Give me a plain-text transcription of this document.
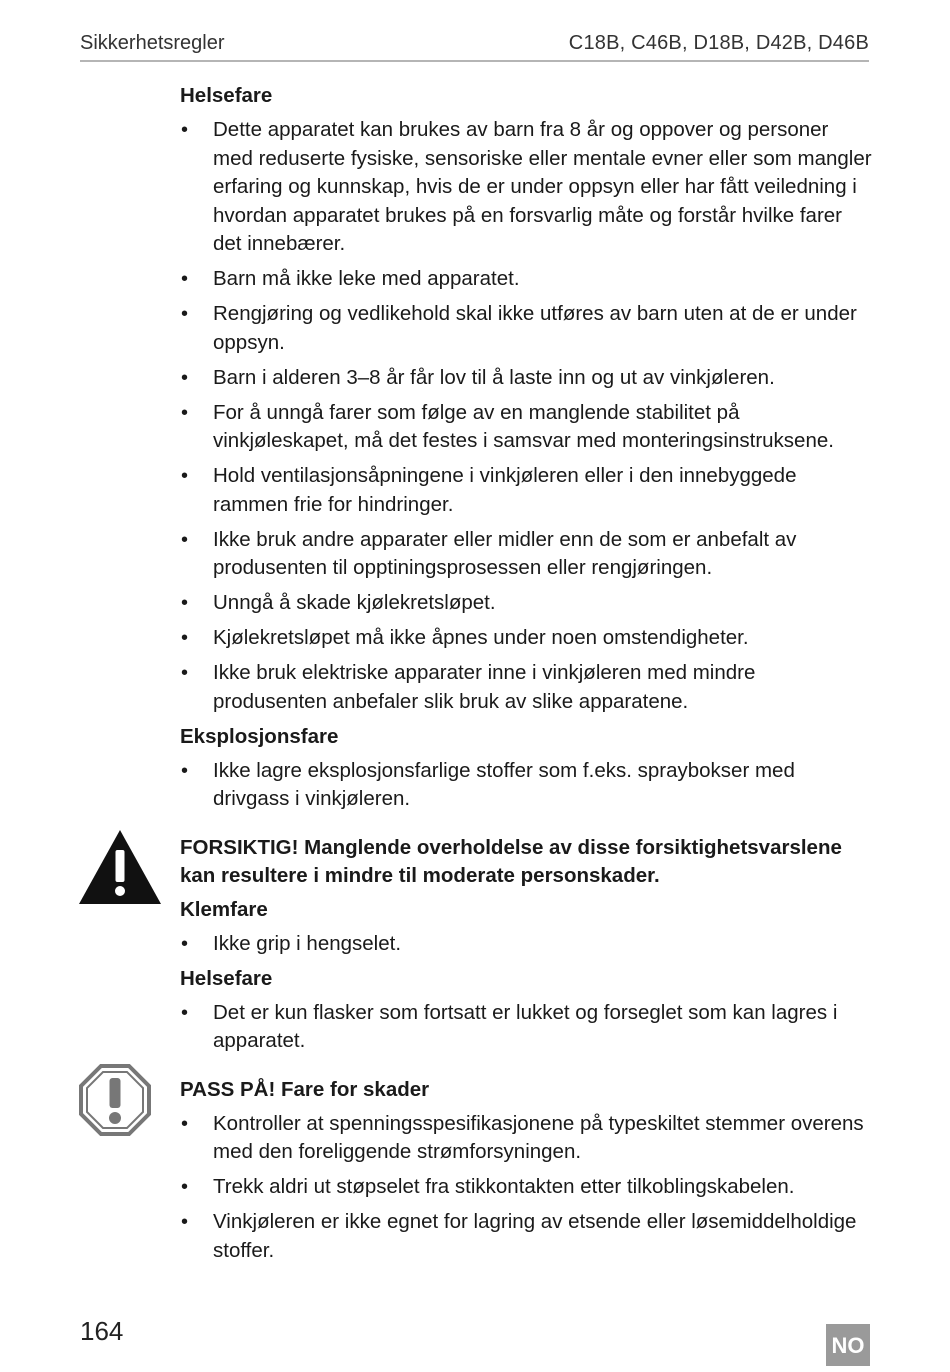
Sikkerhetsregler	C18B, C46B, D18B, D42B, D46B
Helsefare
• Dette apparatet kan brukes av barn fra 8 år og oppover og personer med reduserte fysiske, sensoriske eller mentale evner eller som mangler erfaring og kunnskap, hvis de er under oppsyn eller har fått veiledning i hvordan apparatet brukes på en forsvarlig måte og forstår hvilke farer det innebærer.
• Barn må ikke leke med apparatet.
• Rengjøring og vedlikehold skal ikke utføres av barn uten at de er under oppsyn.
• Barn i alderen 3–8 år får lov til å laste inn og ut av vinkjøleren.
• For å unngå farer som følge av en manglende stabilitet på vinkjøleskapet, må det festes i samsvar med monteringsinstruksene.
• Hold ventilasjonsåpningene i vinkjøleren eller i den innebyggede rammen frie for hindringer.
• Ikke bruk andre apparater eller midler enn de som er anbefalt av produsenten til opptiningsprosessen eller rengjøringen.
• Unngå å skade kjølekretsløpet.
• Kjølekretsløpet må ikke åpnes under noen omstendigheter.
• Ikke bruk elektriske apparater inne i vinkjøleren med mindre produsenten anbefaler slik bruk av slike apparatene.
Eksplosjonsfare
• Ikke lagre eksplosjonsfarlige stoffer som f.eks. spraybokser med drivgass i vinkjøleren.
FORSIKTIG! Manglende overholdelse av disse forsiktighetsvarslene kan resultere i mindre til moderate personskader.
Klemfare
• Ikke grip i hengselet.
Helsefare
• Det er kun flasker som fortsatt er lukket og forseglet som kan lagres i apparatet.
PASS PÅ! Fare for skader
• Kontroller at spenningsspesifikasjonene på typeskiltet stemmer overens med den foreliggende strømforsyningen.
• Trekk aldri ut støpselet fra stikkontakten etter tilkoblingskabelen.
• Vinkjøleren er ikke egnet for lagring av etsende eller løsemiddelholdige stoffer.
164	NO
